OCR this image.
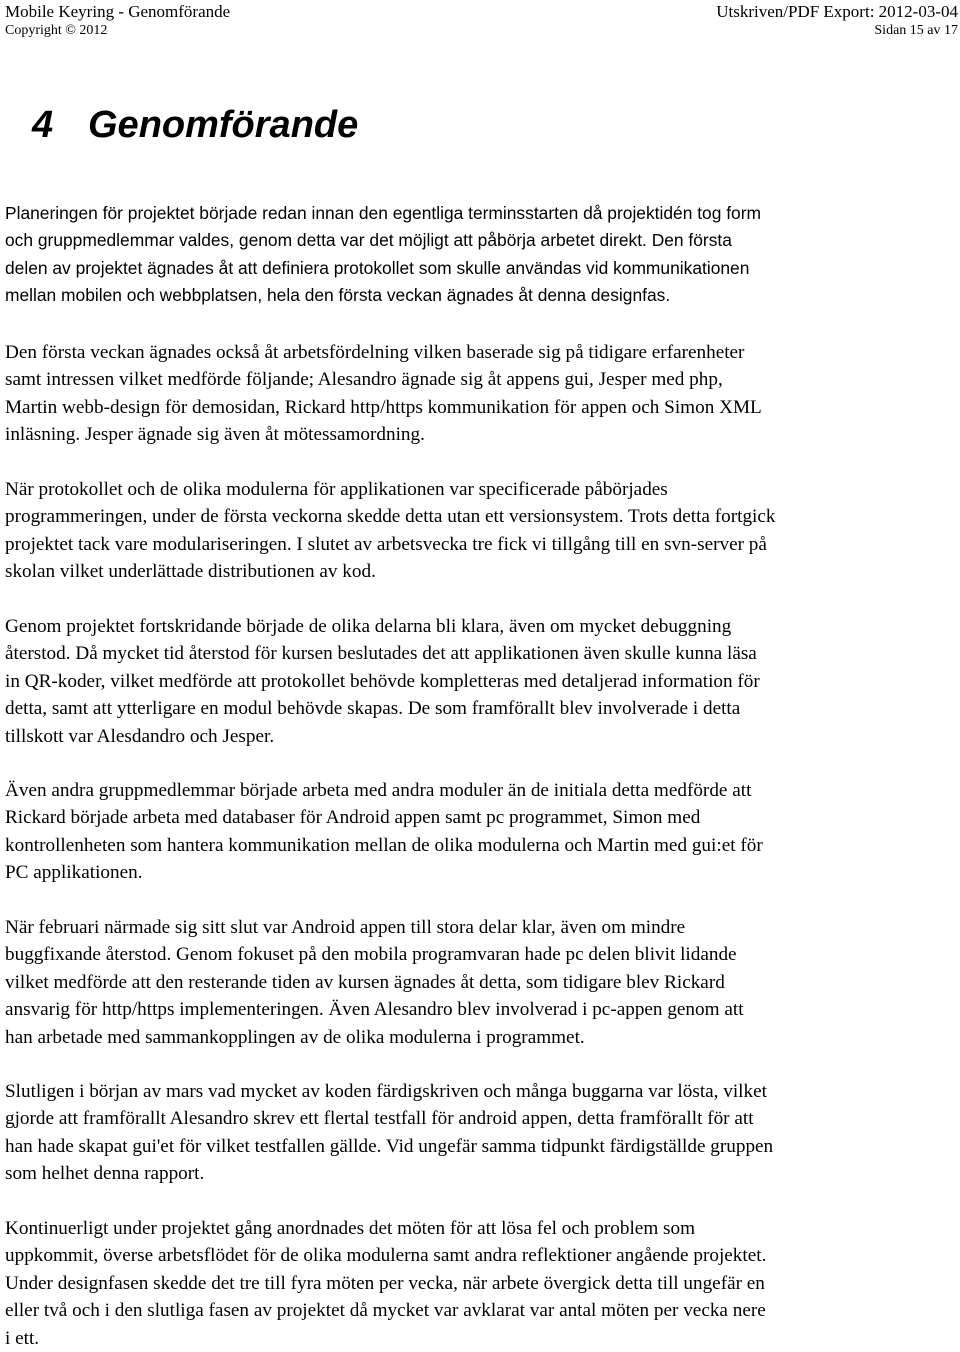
Mobile Keyring - Genomförande	Utskriven/PDF Export: 2012-03-04
Copyright © 2012	Sidan 15 av 17
4 Genomförande

Planeringen för projektet började redan innan den egentliga terminsstarten då projektidén tog form
och gruppmedlemmar valdes, genom detta var det möjligt att påbörja arbetet direkt. Den första
delen av projektet ägnades åt att definiera protokollet som skulle användas vid kommunikationen
mellan mobilen och webbplatsen, hela den första veckan ägnades åt denna designfas.

Den första veckan ägnades också åt arbetsfördelning vilken baserade sig på tidigare erfarenheter
samt intressen vilket medförde följande; Alesandro ägnade sig åt appens gui, Jesper med php,
Martin webb-design för demosidan, Rickard http/https kommunikation för appen och Simon XML
inläsning. Jesper ägnade sig även åt mötessamordning.

När protokollet och de olika modulerna för applikationen var specificerade påbörjades
programmeringen, under de första veckorna skedde detta utan ett versionsystem. Trots detta fortgick
projektet tack vare modulariseringen. I slutet av arbetsvecka tre fick vi tillgång till en svn-server på
skolan vilket underlättade distributionen av kod.

Genom projektet fortskridande började de olika delarna bli klara, även om mycket debuggning
återstod. Då mycket tid återstod för kursen beslutades det att applikationen även skulle kunna läsa
in QR-koder, vilket medförde att protokollet behövde kompletteras med detaljerad information för
detta, samt att ytterligare en modul behövde skapas. De som framförallt blev involverade i detta
tillskott var Alesdandro och Jesper.

Även andra gruppmedlemmar började arbeta med andra moduler än de initiala detta medförde att
Rickard började arbeta med databaser för Android appen samt pc programmet, Simon med
kontrollenheten som hantera kommunikation mellan de olika modulerna och Martin med gui:et för
PC applikationen.

När februari närmade sig sitt slut var Android appen till stora delar klar, även om mindre
buggfixande återstod. Genom fokuset på den mobila programvaran hade pc delen blivit lidande
vilket medförde att den resterande tiden av kursen ägnades åt detta, som tidigare blev Rickard
ansvarig för http/https implementeringen. Även Alesandro blev involverad i pc-appen genom att
han arbetade med sammankopplingen av de olika modulerna i programmet.

Slutligen i början av mars vad mycket av koden färdigskriven och många buggarna var lösta, vilket
gjorde att framförallt Alesandro skrev ett flertal testfall för android appen, detta framförallt för att
han hade skapat gui'et för vilket testfallen gällde. Vid ungefär samma tidpunkt färdigställde gruppen
som helhet denna rapport.

Kontinuerligt under projektet gång anordnades det möten för att lösa fel och problem som
uppkommit, överse arbetsflödet för de olika modulerna samt andra reflektioner angående projektet.
Under designfasen skedde det tre till fyra möten per vecka, när arbete övergick detta till ungefär en
eller två och i den slutliga fasen av projektet då mycket var avklarat var antal möten per vecka nere
i ett.
